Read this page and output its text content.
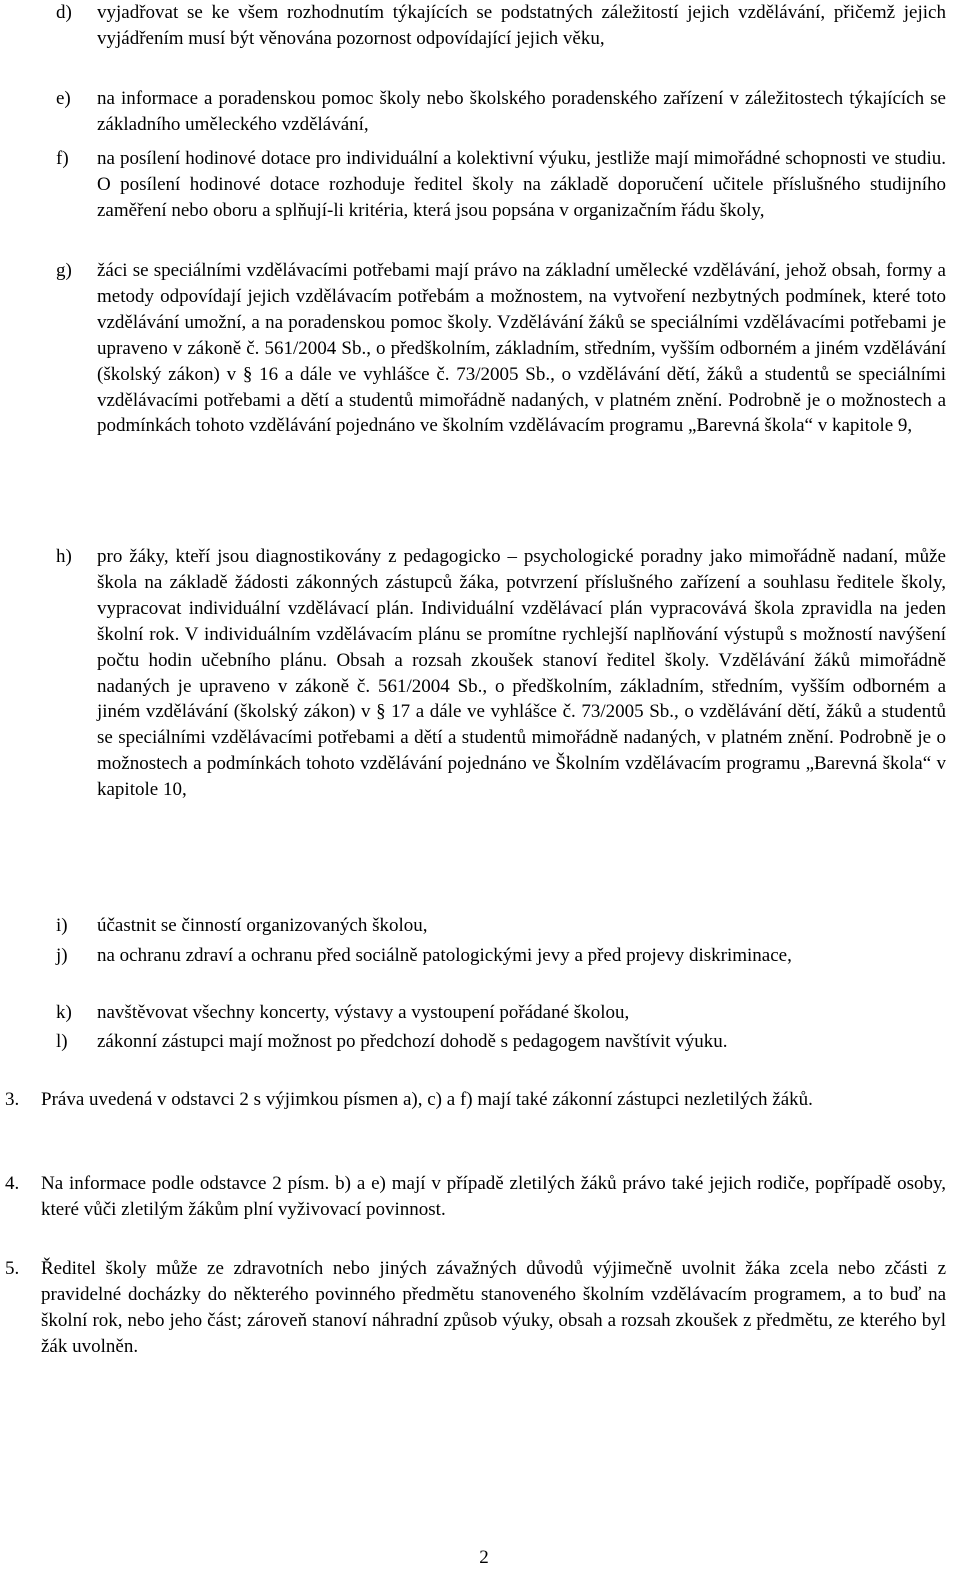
d) vyjadřovat se ke všem rozhodnutím týkajících se podstatných záležitostí jejich vzdělávání, přičemž jejich vyjádřením musí být věnována pozornost odpovídající jejich věku,

e) na informace a poradenskou pomoc školy nebo školského poradenského zařízení v záležitostech týkajících se základního uměleckého vzdělávání,

f) na posílení hodinové dotace pro individuální a kolektivní výuku, jestliže mají mimořádné schopnosti ve studiu. O posílení hodinové dotace rozhoduje ředitel školy na základě doporučení učitele příslušného studijního zaměření nebo oboru a splňují-li kritéria, která jsou popsána v organizačním řádu školy,

g) žáci se speciálními vzdělávacími potřebami mají právo na základní umělecké vzdělávání, jehož obsah, formy a metody odpovídají jejich vzdělávacím potřebám a možnostem, na vytvoření nezbytných podmínek, které toto vzdělávání umožní, a na poradenskou pomoc školy. Vzdělávání žáků se speciálními vzdělávacími potřebami je upraveno v zákoně č. 561/2004 Sb., o předškolním, základním, středním, vyšším odborném a jiném vzdělávání (školský zákon) v § 16 a dále ve vyhlášce č. 73/2005 Sb., o vzdělávání dětí, žáků a studentů se speciálními vzdělávacími potřebami a dětí a studentů mimořádně nadaných, v platném znění. Podrobně je o možnostech a podmínkách tohoto vzdělávání pojednáno ve školním vzdělávacím programu „Barevná škola“ v kapitole 9,

h) pro žáky, kteří jsou diagnostikovány z pedagogicko – psychologické poradny jako mimořádně nadaní, může škola na základě žádosti zákonných zástupců žáka, potvrzení příslušného zařízení a souhlasu ředitele školy, vypracovat individuální vzdělávací plán. Individuální vzdělávací plán vypracovává škola zpravidla na jeden školní rok. V individuálním vzdělávacím plánu se promítne rychlejší naplňování výstupů s možností navýšení počtu hodin učebního plánu. Obsah a rozsah zkoušek stanoví ředitel školy. Vzdělávání žáků mimořádně nadaných je upraveno v zákoně č. 561/2004 Sb., o předškolním, základním, středním, vyšším odborném a jiném vzdělávání (školský zákon) v § 17 a dále ve vyhlášce č. 73/2005 Sb., o vzdělávání dětí, žáků a studentů se speciálními vzdělávacími potřebami a dětí a studentů mimořádně nadaných, v platném znění. Podrobně je o možnostech a podmínkách tohoto vzdělávání pojednáno ve Školním vzdělávacím programu „Barevná škola“ v kapitole 10,

i) účastnit se činností organizovaných školou,

j) na ochranu zdraví a ochranu před sociálně patologickými jevy a před projevy diskriminace,

k) navštěvovat všechny koncerty, výstavy a vystoupení pořádané školou,

l) zákonní zástupci mají možnost po předchozí dohodě s pedagogem navštívit výuku.

3. Práva uvedená v odstavci 2 s výjimkou písmen a), c) a f) mají také zákonní zástupci nezletilých žáků.

4. Na informace podle odstavce 2 písm. b) a e) mají v případě zletilých žáků právo také jejich rodiče, popřípadě osoby, které vůči zletilým žákům plní vyživovací povinnost.

5. Ředitel školy může ze zdravotních nebo jiných závažných důvodů výjimečně uvolnit žáka zcela nebo zčásti z pravidelné docházky do některého povinného předmětu stanoveného školním vzdělávacím programem, a to buď na školní rok, nebo jeho část; zároveň stanoví náhradní způsob výuky, obsah a rozsah zkoušek z předmětu, ze kterého byl žák uvolněn.

2
